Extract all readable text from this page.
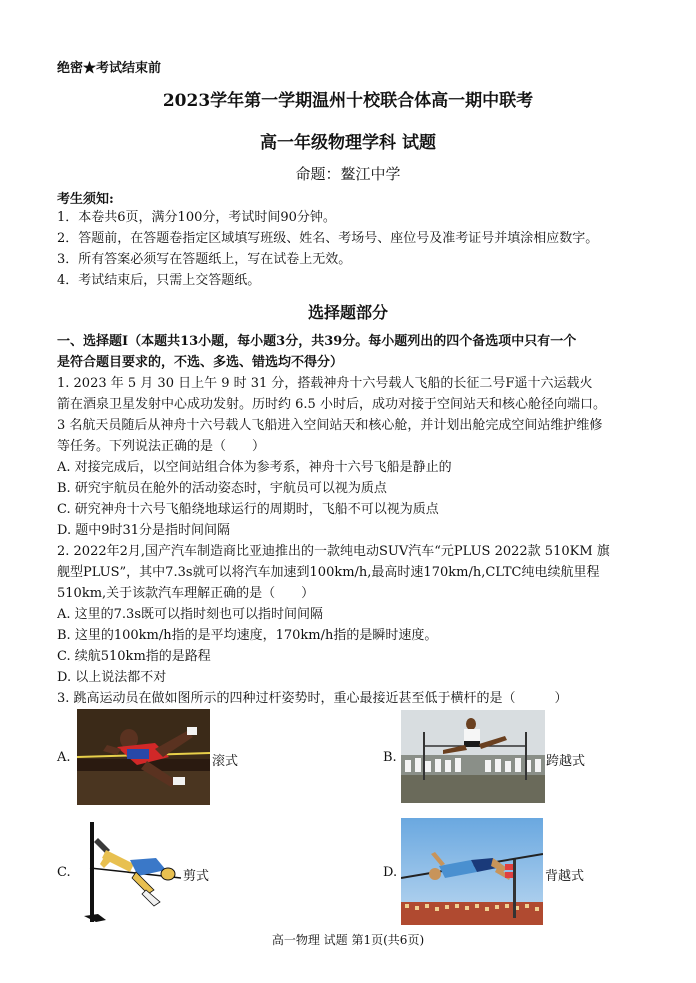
绝密★考试结束前
2023学年第一学期温州十校联合体高一期中联考
高一年级物理学科 试题
命题：鳌江中学
考生须知:
1．本卷共6页，满分100分，考试时间90分钟。
2．答题前，在答题卷指定区域填写班级、姓名、考场号、座位号及准考证号并填涂相应数字。
3．所有答案必须写在答题纸上，写在试卷上无效。
4．考试结束后，只需上交答题纸。
选择题部分
一、选择题Ⅰ（本题共13小题，每小题3分，共39分。每小题列出的四个备选项中只有一个
是符合题目要求的，不选、多选、错选均不得分）
1. 2023 年 5 月 30 日上午 9 时 31 分，搭载神舟十六号载人飞船的长征二号F遥十六运载火
箭在酒泉卫星发射中心成功发射。历时约 6.5 小时后，成功对接于空间站天和核心舱径向端口。
3 名航天员随后从神舟十六号载人飞船进入空间站天和核心舱，并计划出舱完成空间站维护维修
等任务。下列说法正确的是（　　）
A. 对接完成后，以空间站组合体为参考系，神舟十六号飞船是静止的
B. 研究宇航员在舱外的活动姿态时，宇航员可以视为质点
C. 研究神舟十六号飞船绕地球运行的周期时，飞船不可以视为质点
D. 题中9时31分是指时间间隔
2. 2022年2月,国产汽车制造商比亚迪推出的一款纯电动SUV汽车“元PLUS 2022款 510KM 旗
舰型PLUS”，其中7.3s就可以将汽车加速到100km/h,最高时速170km/h,CLTC纯电续航里程
510km,关于该款汽车理解正确的是（　　）
A. 这里的7.3s既可以指时刻也可以指时间间隔
B. 这里的100km/h指的是平均速度，170km/h指的是瞬时速度。
C. 续航510km指的是路程
D. 以上说法都不对
3. 跳高运动员在做如图所示的四种过杆姿势时，重心最接近甚至低于横杆的是（　　　）
A.	滚式	B.	跨越式
C.	剪式	D.	背越式
高一物理 试题 第1页(共6页)
